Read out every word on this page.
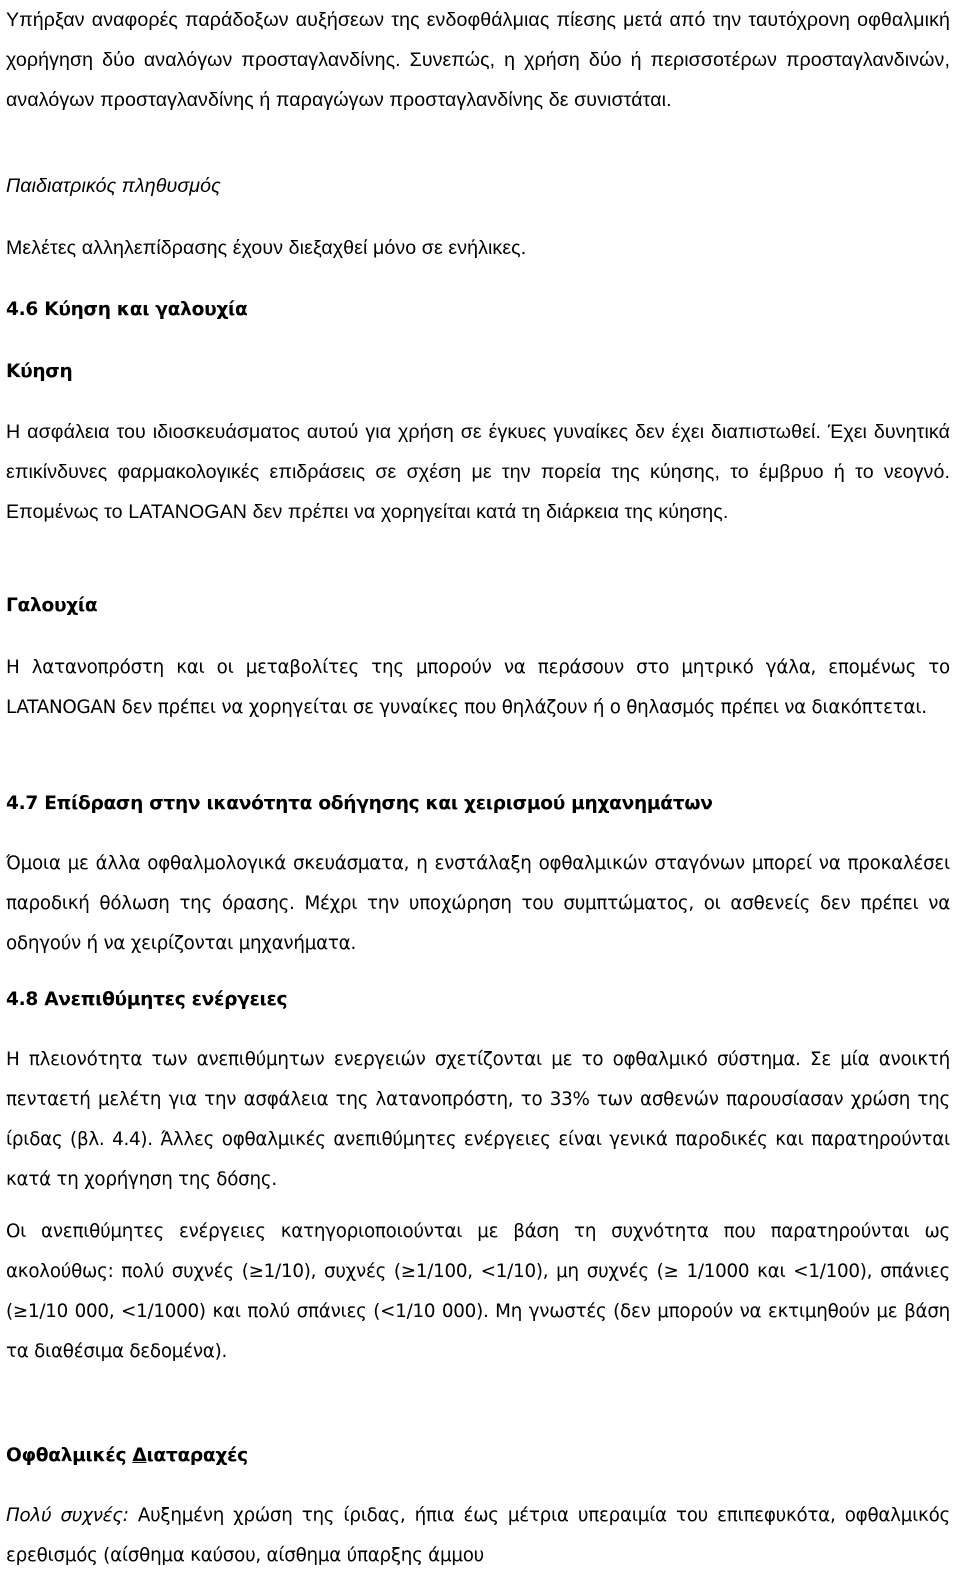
Υπήρξαν αναφορές παράδοξων αυξήσεων της ενδοφθάλμιας πίεσης μετά από την ταυτόχρονη οφθαλμική χορήγηση δύο αναλόγων προσταγλανδίνης. Συνεπώς, η χρήση δύο ή περισσοτέρων προσταγλανδινών, αναλόγων προσταγλανδίνης ή παραγώγων προσταγλανδίνης δε συνιστάται.

Παιδιατρικός πληθυσμός

Μελέτες αλληλεπίδρασης έχουν διεξαχθεί μόνο σε ενήλικες.

4.6 Κύηση και γαλουχία
Κύηση

Η ασφάλεια του ιδιοσκευάσματος αυτού για χρήση σε έγκυες γυναίκες δεν έχει διαπιστωθεί. Έχει δυνητικά επικίνδυνες φαρμακολογικές επιδράσεις σε σχέση με την πορεία της κύησης, το έμβρυο ή το νεογνό. Επομένως το LATANOGAN δεν πρέπει να χορηγείται κατά τη διάρκεια της κύησης.

Γαλουχία

Η λατανοπρόστη και οι μεταβολίτες της μπορούν να περάσουν στο μητρικό γάλα, επομένως το LATANOGAN δεν πρέπει να χορηγείται σε γυναίκες που θηλάζουν ή ο θηλασμός πρέπει να διακόπτεται.

4.7 Επίδραση στην ικανότητα οδήγησης και χειρισμού μηχανημάτων

Όμοια με άλλα οφθαλμολογικά σκευάσματα, η ενστάλαξη οφθαλμικών σταγόνων μπορεί να προκαλέσει παροδική θόλωση της όρασης. Μέχρι την υποχώρηση του συμπτώματος, οι ασθενείς δεν πρέπει να οδηγούν ή να χειρίζονται μηχανήματα.

4.8 Ανεπιθύμητες ενέργειες

Η πλειονότητα των ανεπιθύμητων ενεργειών σχετίζονται με το οφθαλμικό σύστημα. Σε μία ανοικτή πενταετή μελέτη για την ασφάλεια της λατανοπρόστη, το 33% των ασθενών παρουσίασαν χρώση της ίριδας (βλ. 4.4). Άλλες οφθαλμικές ανεπιθύμητες ενέργειες είναι γενικά παροδικές και παρατηρούνται κατά τη χορήγηση της δόσης.

Οι ανεπιθύμητες ενέργειες κατηγοριοποιούνται με βάση τη συχνότητα που παρατηρούνται ως ακολούθως: πολύ συχνές (≥1/10), συχνές (≥1/100, <1/10), μη συχνές (≥ 1/1000 και <1/100), σπάνιες (≥1/10 000, <1/1000) και πολύ σπάνιες (<1/10 000). Μη γνωστές (δεν μπορούν να εκτιμηθούν με βάση τα διαθέσιμα δεδομένα).

Οφθαλμικές Διαταραχές

Πολύ συχνές: Αυξημένη χρώση της ίριδας, ήπια έως μέτρια υπεραιμία του επιπεφυκότα, οφθαλμικός ερεθισμός (αίσθημα καύσου, αίσθημα ύπαρξης άμμου
